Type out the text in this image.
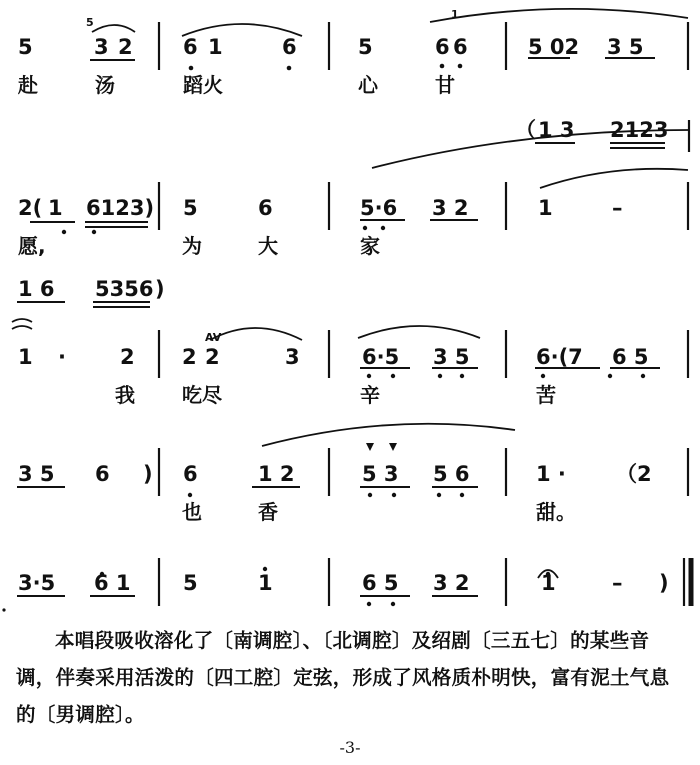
AV
5
1
5	3 2 6 1	6	5	6 6	5 02 3 5
赴	汤	蹈火	心	甘
（ 1 3 2123
2( 1 6123) 5	6	5·6 3 2	1	–
愿,	为	大	家
1 6 5356 )
1 ·	2 2 2	3	6·5 3 5	6·(7 6 5
我 吃尽	辛	苦
3 5 6 ) 6	1 2	5 3 5 6	1 · （2
也	香	甜。
3·5 6 1 5	1	6 5 3 2	1	– )

本唱段吸收溶化了〔南调腔〕、〔北调腔〕及绍剧〔三五七〕的某些音调，伴奏采用活泼的〔四工腔〕定弦，形成了风格质朴明快，富有泥土气息的〔男调腔〕。

-3-
